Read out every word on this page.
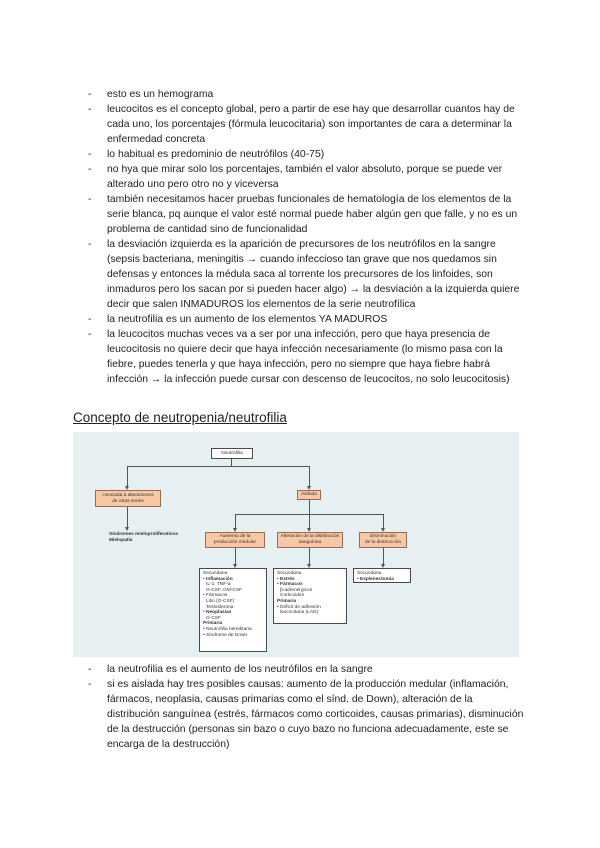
- esto es un hemograma
- leucocitos es el concepto global, pero a partir de ese hay que desarrollar cuantos hay de cada uno, los porcentajes (fórmula leucocitaria) son importantes de cara a determinar la enfermedad concreta
- lo habitual es predominio de neutrófilos (40-75)
- no hya que mirar solo los porcentajes, también el valor absoluto, porque se puede ver alterado uno pero otro no y viceversa
- también necesitamos hacer pruebas funcionales de hematología de los elementos de la serie blanca, pq aunque el valor esté normal puede haber algún gen que falle, y no es un problema de cantidad sino de funcionalidad
- la desviación izquierda es la aparición de precursores de los neutrófilos en la sangre (sepsis bacteriana, meningitis → cuando infeccioso tan grave que nos quedamos sin defensas y entonces la médula saca al torrente los precursores de los linfoides, son inmaduros pero los sacan por si pueden hacer algo) → la desviación a la izquierda quiere decir que salen INMADUROS los elementos de la serie neutrofílica
- la neutrofilia es un aumento de los elementos YA MADUROS
- la leucocitos muchas veces va a ser por una infección, pero que haya presencia de leucocitosis no quiere decir que haya infección necesariamente (lo mismo pasa con la fiebre, puedes tenerla y que haya infección, pero no siempre que haya fiebre habrá infección → la infección puede cursar con descenso de leucocitos, no solo leucocitosis)
Concepto de neutropenia/neutrofilia
Neutrofilia
Asociada a alteraciones
de otras series
Aislada
Síndromes mieloproliferativos
Mielopatía
Aumento de la
producción medular
Alteración de la distribución
sanguínea
Disminución
de la destrucción
Secundaria
• Inflamación
IL-1, TNF-α
G-CSF, GM-CSF
• Fármacos
Litio (G-CSF)
Testosterona
• Neoplasias
G-CSF
Primaria
• Neutrofilia hereditaria
• Síndrome de Down
Secundaria
• Estrés
• Fármacos
β-adrenérgicos
Corticoides
Primaria
• Déficit de adhesión
leucocitaria (LAD)
Secundaria
• Esplenectomía
- la neutrofilia es el aumento de los neutrófilos en la sangre
- si es aislada hay tres posibles causas: aumento de la producción medular (inflamación, fármacos, neoplasia, causas primarias como el sínd. de Down), alteración de la distribución sanguínea (estrés, fármacos como corticoides, causas primarias), disminución de la destrucción (personas sin bazo o cuyo bazo no funciona adecuadamente, este se encarga de la destrucción)
